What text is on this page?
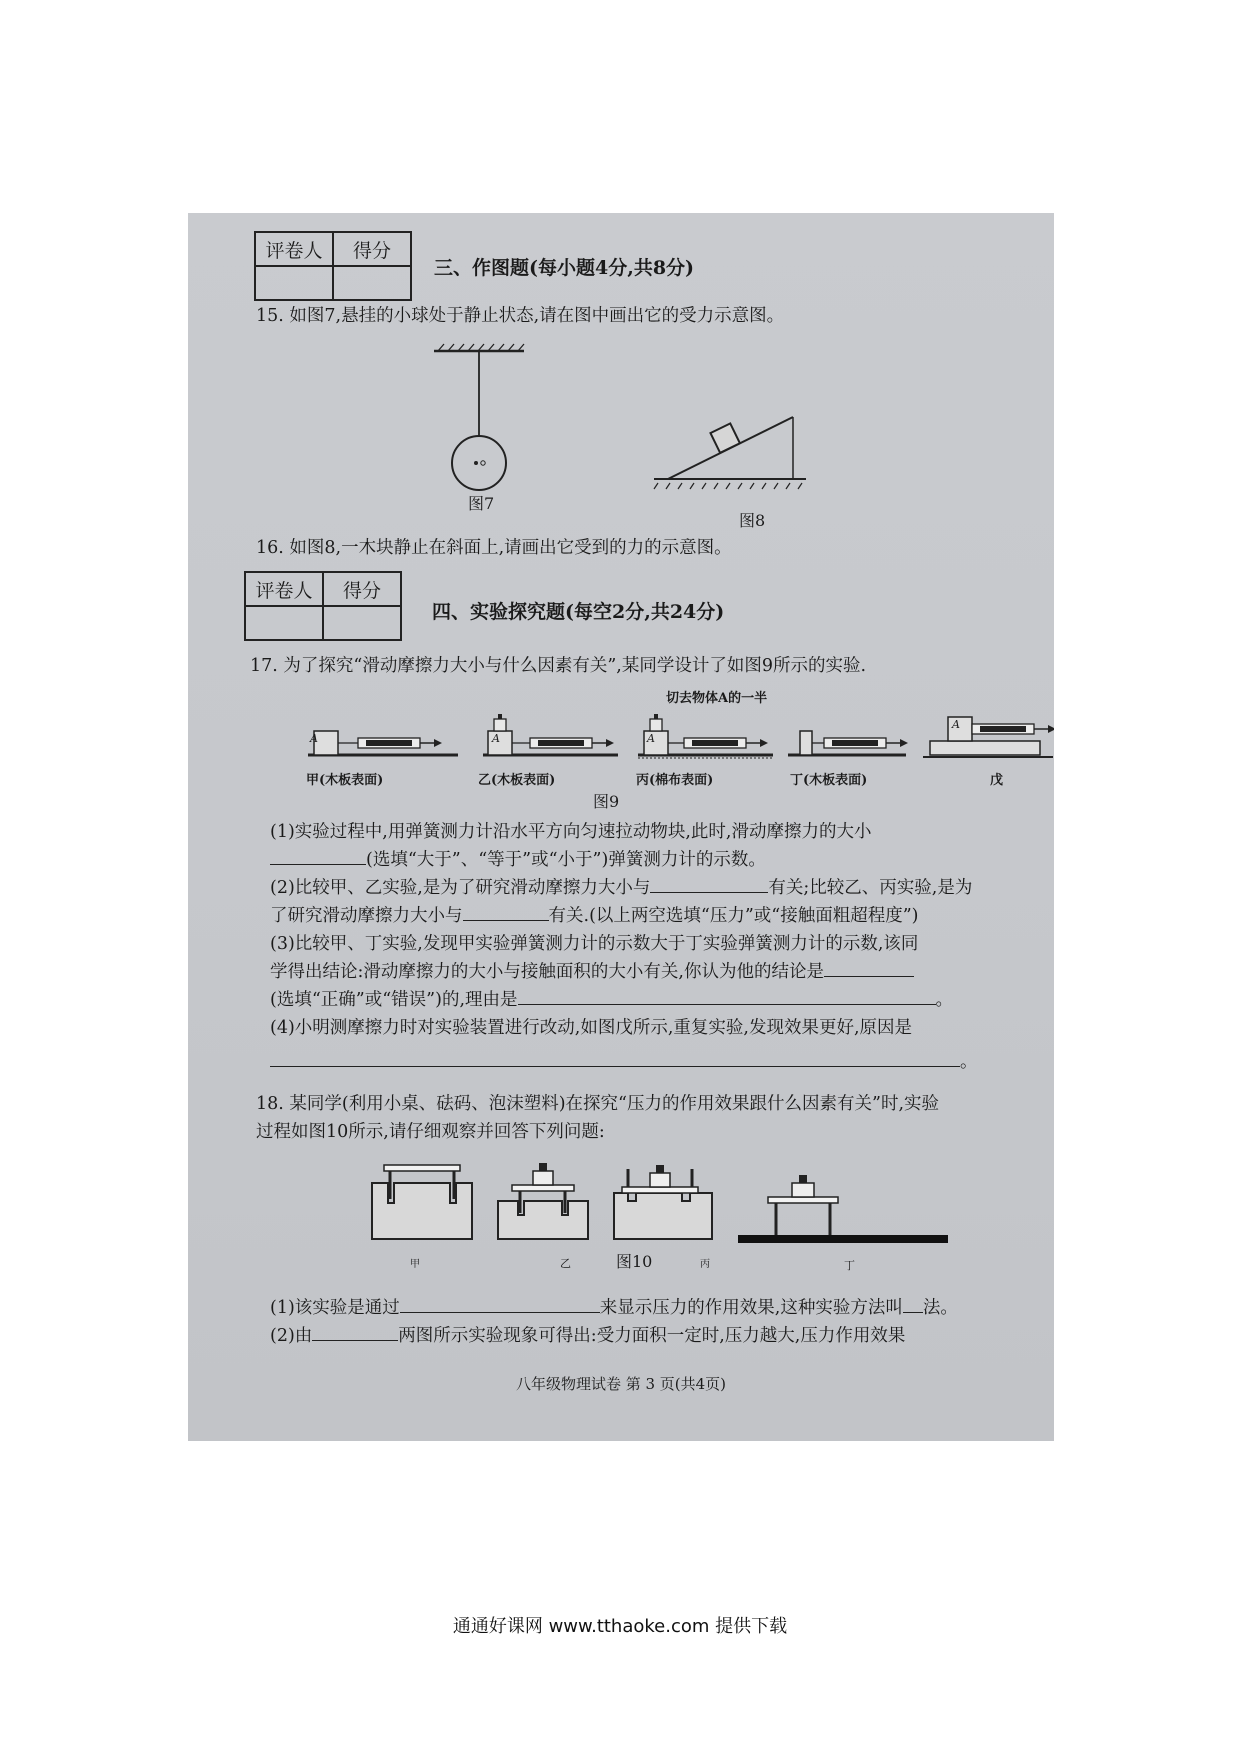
评卷人	得分
三、作图题(每小题4分,共8分)
15. 如图7,悬挂的小球处于静止状态,请在图中画出它的受力示意图。
图7
图8
16. 如图8,一木块静止在斜面上,请画出它受到的力的示意图。
评卷人	得分
四、实验探究题(每空2分,共24分)
17. 为了探究“滑动摩擦力大小与什么因素有关”,某同学设计了如图9所示的实验.
切去物体A的一半
A	A	A
A
甲(木板表面)	乙(木板表面)	丙(棉布表面)	丁(木板表面)	戊
图9
(1)实验过程中,用弹簧测力计沿水平方向匀速拉动物块,此时,滑动摩擦力的大小
(选填“大于”、“等于”或“小于”)弹簧测力计的示数。
(2)比较甲、乙实验,是为了研究滑动摩擦力大小与	有关;比较乙、丙实验,是为
了研究滑动摩擦力大小与	有关.(以上两空选填“压力”或“接触面粗超程度”)
(3)比较甲、丁实验,发现甲实验弹簧测力计的示数大于丁实验弹簧测力计的示数,该同
学得出结论:滑动摩擦力的大小与接触面积的大小有关,你认为他的结论是
(选填“正确”或“错误”)的,理由是	。
(4)小明测摩擦力时对实验装置进行改动,如图戊所示,重复实验,发现效果更好,原因是
。
18. 某同学(利用小桌、砝码、泡沫塑料)在探究“压力的作用效果跟什么因素有关”时,实验
过程如图10所示,请仔细观察并回答下列问题:
甲	乙	丙	丁
图10
(1)该实验是通过	来显示压力的作用效果,这种实验方法叫 法。
(2)由	两图所示实验现象可得出:受力面积一定时,压力越大,压力作用效果
八年级物理试卷 第 3 页(共4页)
通通好课网 www.tthaoke.com 提供下载
